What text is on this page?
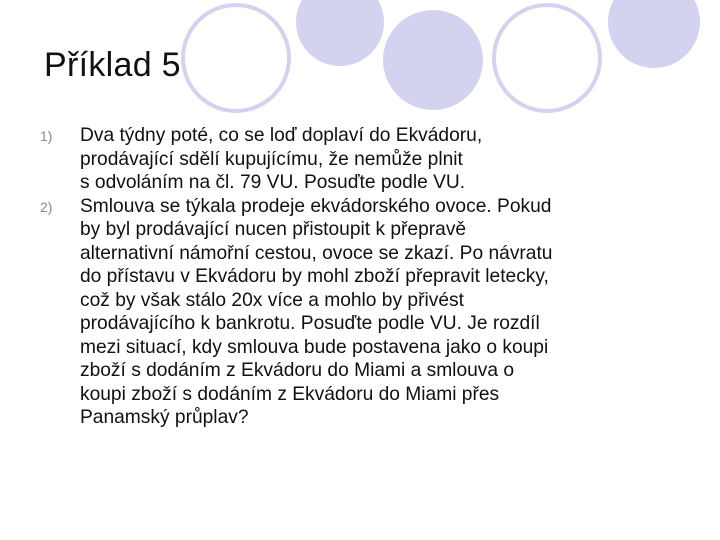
Příklad 5
1) Dva týdny poté, co se loď doplaví do Ekvádoru,
prodávající sdělí kupujícímu, že nemůže plnit
s odvoláním na čl. 79 VU. Posuďte podle VU.
2) Smlouva se týkala prodeje ekvádorského ovoce. Pokud
by byl prodávající nucen přistoupit k přepravě
alternativní námořní cestou, ovoce se zkazí. Po návratu
do přístavu v Ekvádoru by mohl zboží přepravit letecky,
což by však stálo 20x více a mohlo by přivést
prodávajícího k bankrotu. Posuďte podle VU. Je rozdíl
mezi situací, kdy smlouva bude postavena jako o koupi
zboží s dodáním z Ekvádoru do Miami a smlouva o
koupi zboží s dodáním z Ekvádoru do Miami přes
Panamský průplav?
